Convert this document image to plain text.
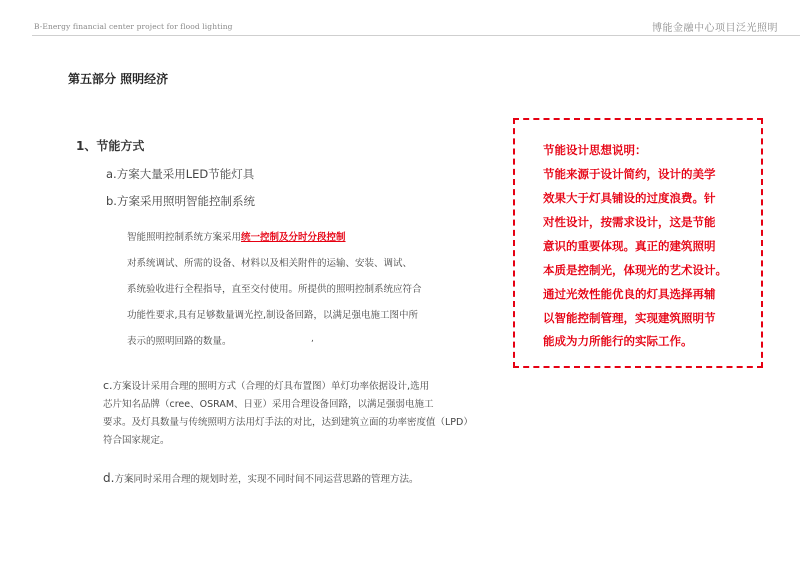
B-Energy financial center project for flood lighting	博能金融中心项目泛光照明
第五部分 照明经济
1、节能方式
a.方案大量采用LED节能灯具
b.方案采用照明智能控制系统
智能照明控制系统方案采用统一控制及分时分段控制
对系统调试、所需的设备、材料以及相关附件的运输、安装、调试、
系统验收进行全程指导，直至交付使用。所提供的照明控制系统应符合
功能性要求,具有足够数量调光控,制设备回路，以满足强电施工图中所
表示的照明回路的数量。	,
c.方案设计采用合理的照明方式（合理的灯具布置图）单灯功率依据设计,选用
芯片知名品牌（cree、OSRAM、日亚）采用合理设备回路，以满足强弱电施工
要求。及灯具数量与传统照明方法用灯手法的对比，达到建筑立面的功率密度值（LPD）
符合国家规定。
d.方案同时采用合理的规划时差，实现不同时间不同运营思路的管理方法。
节能设计思想说明：
节能来源于设计简约，设计的美学
效果大于灯具铺设的过度浪费。针
对性设计，按需求设计，这是节能
意识的重要体现。真正的建筑照明
本质是控制光，体现光的艺术设计。
通过光效性能优良的灯具选择再辅
以智能控制管理，实现建筑照明节
能成为力所能行的实际工作。
